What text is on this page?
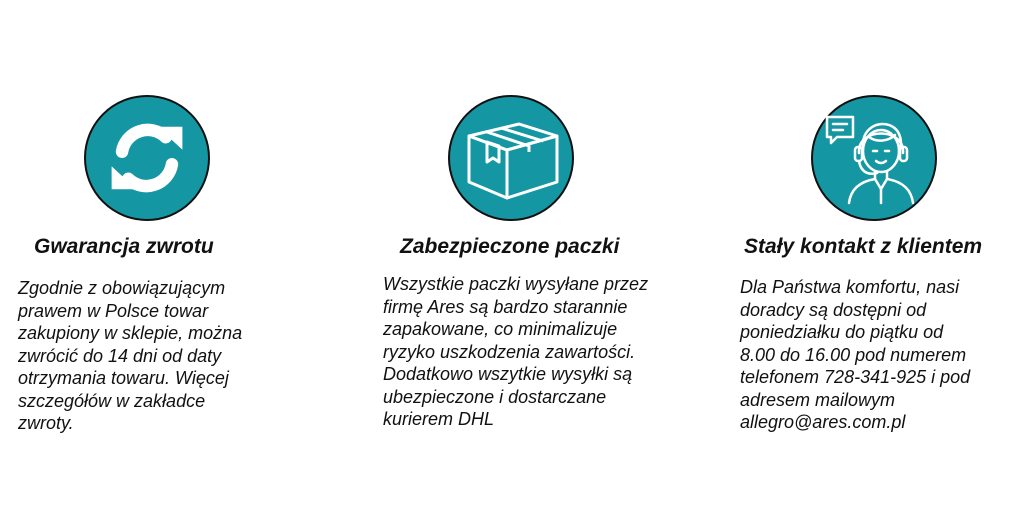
Gwarancja zwrotu
Zgodnie z obowiązującym
prawem w Polsce towar
zakupiony w sklepie, można
zwrócić do 14 dni od daty
otrzymania towaru. Więcej
szczegółów w zakładce
zwroty.
Zabezpieczone paczki
Wszystkie paczki wysyłane przez
firmę Ares są bardzo starannie
zapakowane, co minimalizuje
ryzyko uszkodzenia zawartości.
Dodatkowo wszytkie wysyłki są
ubezpieczone i dostarczane
kurierem DHL
Stały kontakt z klientem
Dla Państwa komfortu, nasi
doradcy są dostępni od
poniedziałku do piątku od
8.00 do 16.00 pod numerem
telefonem 728-341-925 i pod
adresem mailowym
allegro@ares.com.pl
